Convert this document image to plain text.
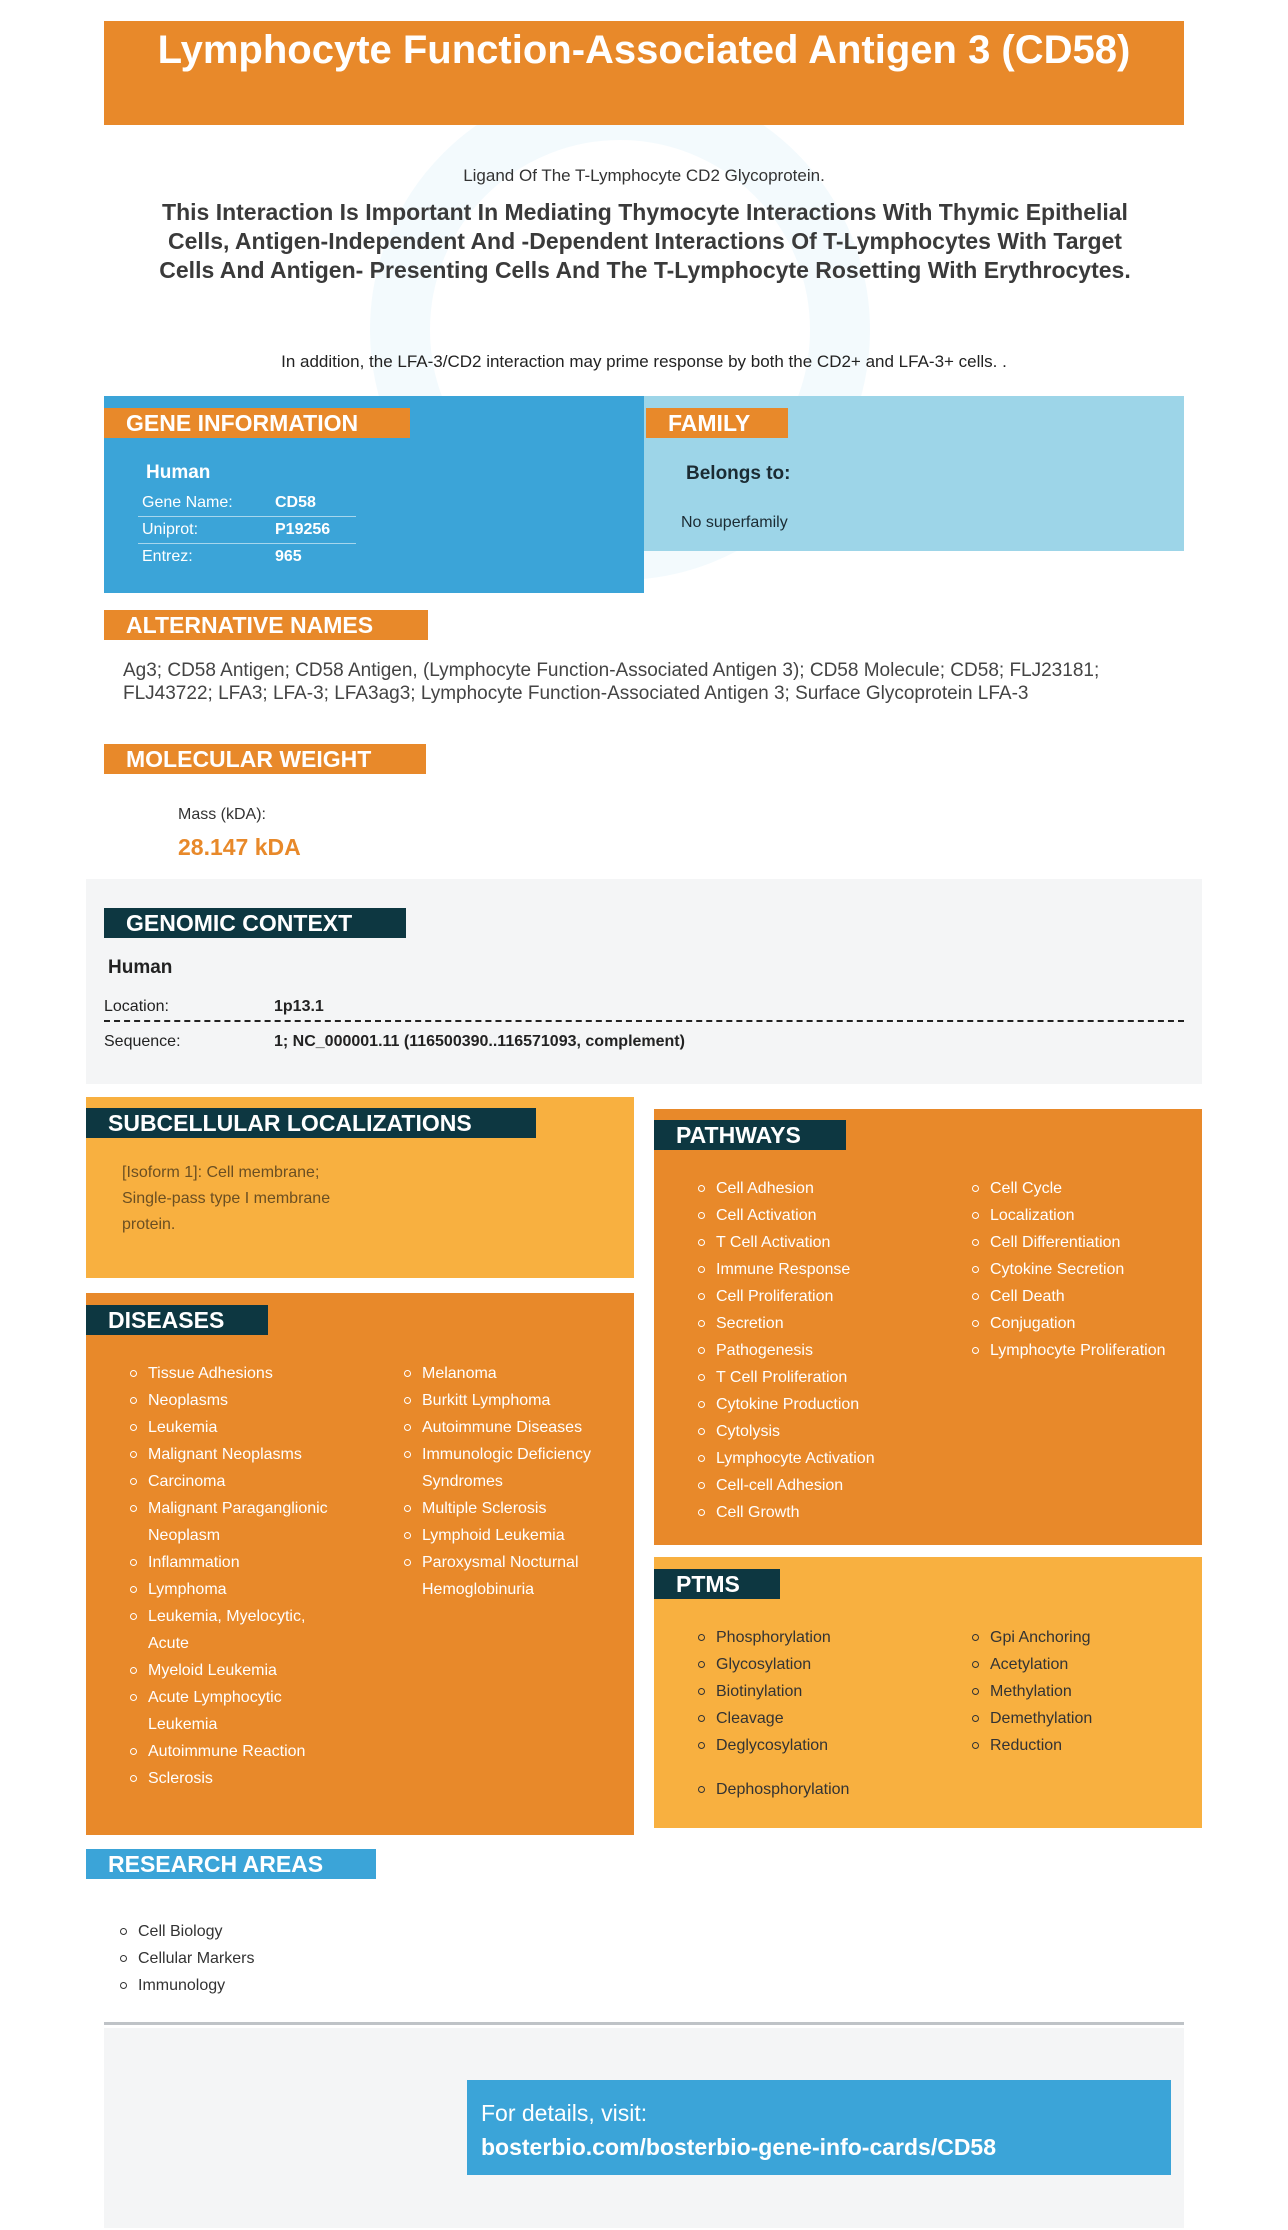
Lymphocyte Function-Associated Antigen 3 (CD58)
Ligand Of The T-Lymphocyte CD2 Glycoprotein.
This Interaction Is Important In Mediating Thymocyte Interactions With Thymic Epithelial Cells, Antigen-Independent And -Dependent Interactions Of T-Lymphocytes With Target Cells And Antigen- Presenting Cells And The T-Lymphocyte Rosetting With Erythrocytes.
In addition, the LFA-3/CD2 interaction may prime response by both the CD2+ and LFA-3+ cells. .
GENE INFORMATION
Human
Gene Name:	CD58
Uniprot:	P19256
Entrez:	965
FAMILY
Belongs to:
No superfamily
ALTERNATIVE NAMES
Ag3; CD58 Antigen; CD58 Antigen, (Lymphocyte Function-Associated Antigen 3); CD58 Molecule; CD58; FLJ23181; FLJ43722; LFA3; LFA-3; LFA3ag3; Lymphocyte Function-Associated Antigen 3; Surface Glycoprotein LFA-3
MOLECULAR WEIGHT
Mass (kDA):
28.147 kDA
GENOMIC CONTEXT
Human
Location:	1p13.1
Sequence:	1; NC_000001.11 (116500390..116571093, complement)
SUBCELLULAR LOCALIZATIONS
[Isoform 1]: Cell membrane; Single-pass type I membrane protein.
DISEASES
Tissue Adhesions
Neoplasms
Leukemia
Malignant Neoplasms
Carcinoma
Malignant Paraganglionic Neoplasm
Inflammation
Lymphoma
Leukemia, Myelocytic, Acute
Myeloid Leukemia
Acute Lymphocytic Leukemia
Autoimmune Reaction
Sclerosis
Melanoma
Burkitt Lymphoma
Autoimmune Diseases
Immunologic Deficiency Syndromes
Multiple Sclerosis
Lymphoid Leukemia
Paroxysmal Nocturnal Hemoglobinuria
PATHWAYS
Cell Adhesion
Cell Activation
T Cell Activation
Immune Response
Cell Proliferation
Secretion
Pathogenesis
T Cell Proliferation
Cytokine Production
Cytolysis
Lymphocyte Activation
Cell-cell Adhesion
Cell Growth
Cell Cycle
Localization
Cell Differentiation
Cytokine Secretion
Cell Death
Conjugation
Lymphocyte Proliferation
PTMS
Phosphorylation
Glycosylation
Biotinylation
Cleavage
Deglycosylation
Gpi Anchoring
Acetylation
Methylation
Demethylation
Reduction
Dephosphorylation
RESEARCH AREAS
Cell Biology
Cellular Markers
Immunology
For details, visit:
bosterbio.com/bosterbio-gene-info-cards/CD58
